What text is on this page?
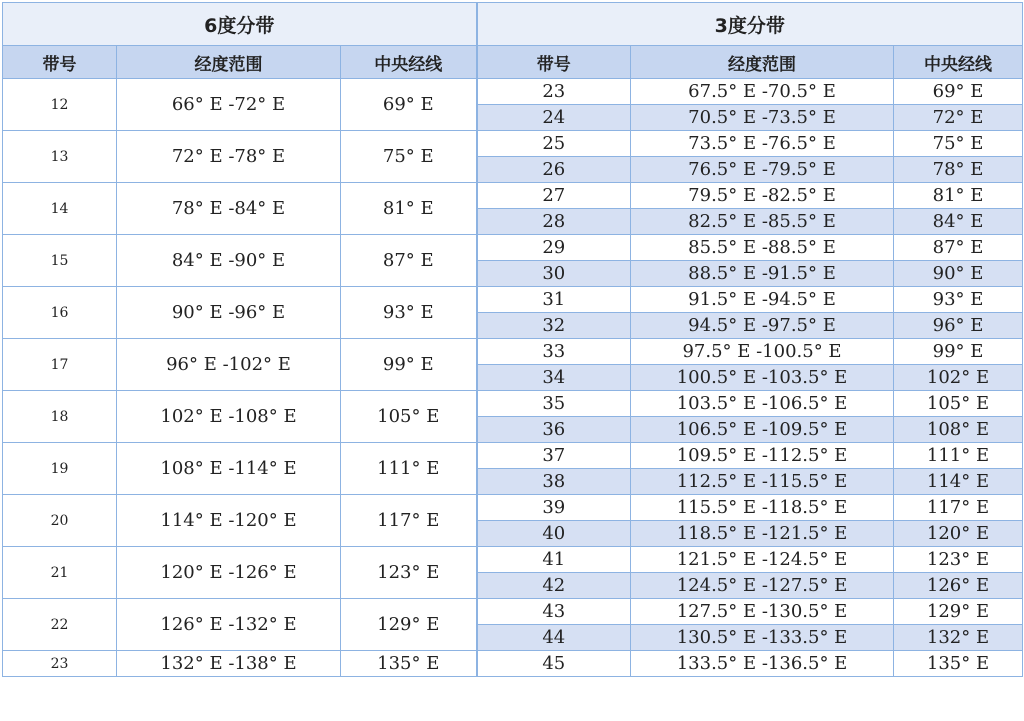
6度分带			3度分带		
带号	经度范围	中央经线	带号	经度范围	中央经线
12	66° E -72° E	69° E	23	67.5° E -70.5° E	69° E
			24	70.5° E -73.5° E	72° E
13	72° E -78° E	75° E	25	73.5° E -76.5° E	75° E
			26	76.5° E -79.5° E	78° E
14	78° E -84° E	81° E	27	79.5° E -82.5° E	81° E
			28	82.5° E -85.5° E	84° E
15	84° E -90° E	87° E	29	85.5° E -88.5° E	87° E
			30	88.5° E -91.5° E	90° E
16	90° E -96° E	93° E	31	91.5° E -94.5° E	93° E
			32	94.5° E -97.5° E	96° E
17	96° E -102° E	99° E	33	97.5° E -100.5° E	99° E
			34	100.5° E -103.5° E	102° E
18	102° E -108° E	105° E	35	103.5° E -106.5° E	105° E
			36	106.5° E -109.5° E	108° E
19	108° E -114° E	111° E	37	109.5° E -112.5° E	111° E
			38	112.5° E -115.5° E	114° E
20	114° E -120° E	117° E	39	115.5° E -118.5° E	117° E
			40	118.5° E -121.5° E	120° E
21	120° E -126° E	123° E	41	121.5° E -124.5° E	123° E
			42	124.5° E -127.5° E	126° E
22	126° E -132° E	129° E	43	127.5° E -130.5° E	129° E
			44	130.5° E -133.5° E	132° E
23	132° E -138° E	135° E	45	133.5° E -136.5° E	135° E
